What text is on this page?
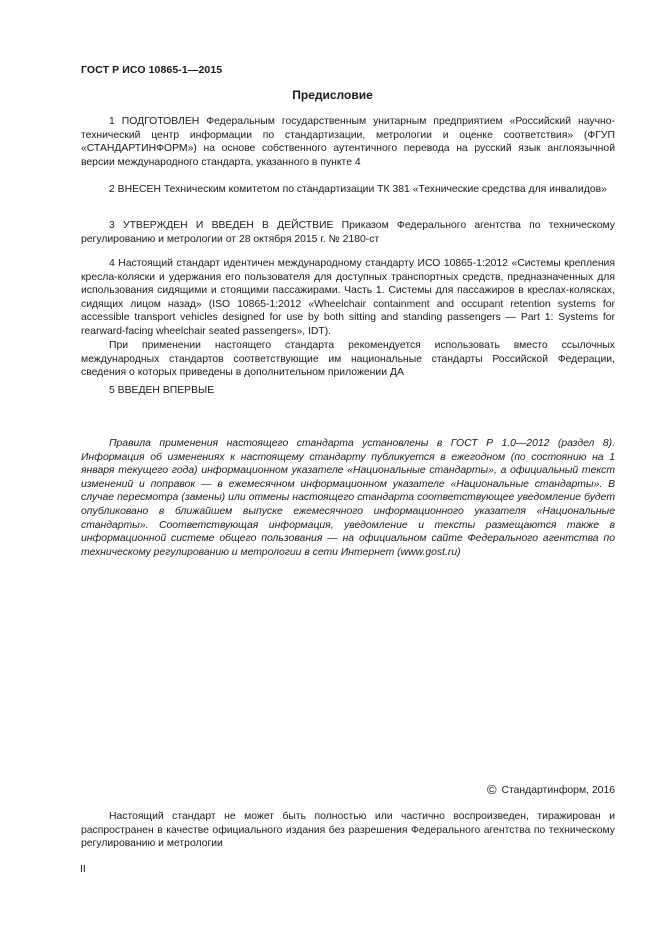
ГОСТ Р ИСО 10865-1—2015
Предисловие
1 ПОДГОТОВЛЕН Федеральным государственным унитарным предприятием «Российский научно-технический центр информации по стандартизации, метрологии и оценке соответствия» (ФГУП «СТАНДАРТИНФОРМ») на основе собственного аутентичного перевода на русский язык англоязычной версии международного стандарта, указанного в пункте 4
2 ВНЕСЕН Техническим комитетом по стандартизации ТК 381 «Технические средства для инвалидов»
3 УТВЕРЖДЕН И ВВЕДЕН В ДЕЙСТВИЕ Приказом Федерального агентства по техническому регулированию и метрологии от 28 октября 2015 г. № 2180-ст
4 Настоящий стандарт идентичен международному стандарту ИСО 10865-1:2012 «Системы крепления кресла-коляски и удержания его пользователя для доступных транспортных средств, предназначенных для использования сидящими и стоящими пассажирами. Часть 1. Системы для пассажиров в креслах-колясках, сидящих лицом назад» (ISO 10865-1:2012 «Wheelchair containment and occupant retention systems for accessible transport vehicles designed for use by both sitting and standing passengers — Part 1: Systems for rearward-facing wheelchair seated passengers», IDT).
При применении настоящего стандарта рекомендуется использовать вместо ссылочных международных стандартов соответствующие им национальные стандарты Российской Федерации, сведения о которых приведены в дополнительном приложении ДА
5 ВВЕДЕН ВПЕРВЫЕ
Правила применения настоящего стандарта установлены в ГОСТ Р 1.0—2012 (раздел 8). Информация об изменениях к настоящему стандарту публикуется в ежегодном (по состоянию на 1 января текущего года) информационном указателе «Национальные стандарты», а официальный текст изменений и поправок — в ежемесячном информационном указателе «Национальные стандарты». В случае пересмотра (замены) или отмены настоящего стандарта соответствующее уведомление будет опубликовано в ближайшем выпуске ежемесячного информационного указателя «Национальные стандарты». Соответствующая информация, уведомление и тексты размещаются также в информационной системе общего пользования — на официальном сайте Федерального агентства по техническому регулированию и метрологии в сети Интернет (www.gost.ru)
© Стандартинформ, 2016
Настоящий стандарт не может быть полностью или частично воспроизведен, тиражирован и распространен в качестве официального издания без разрешения Федерального агентства по техническому регулированию и метрологии
II
